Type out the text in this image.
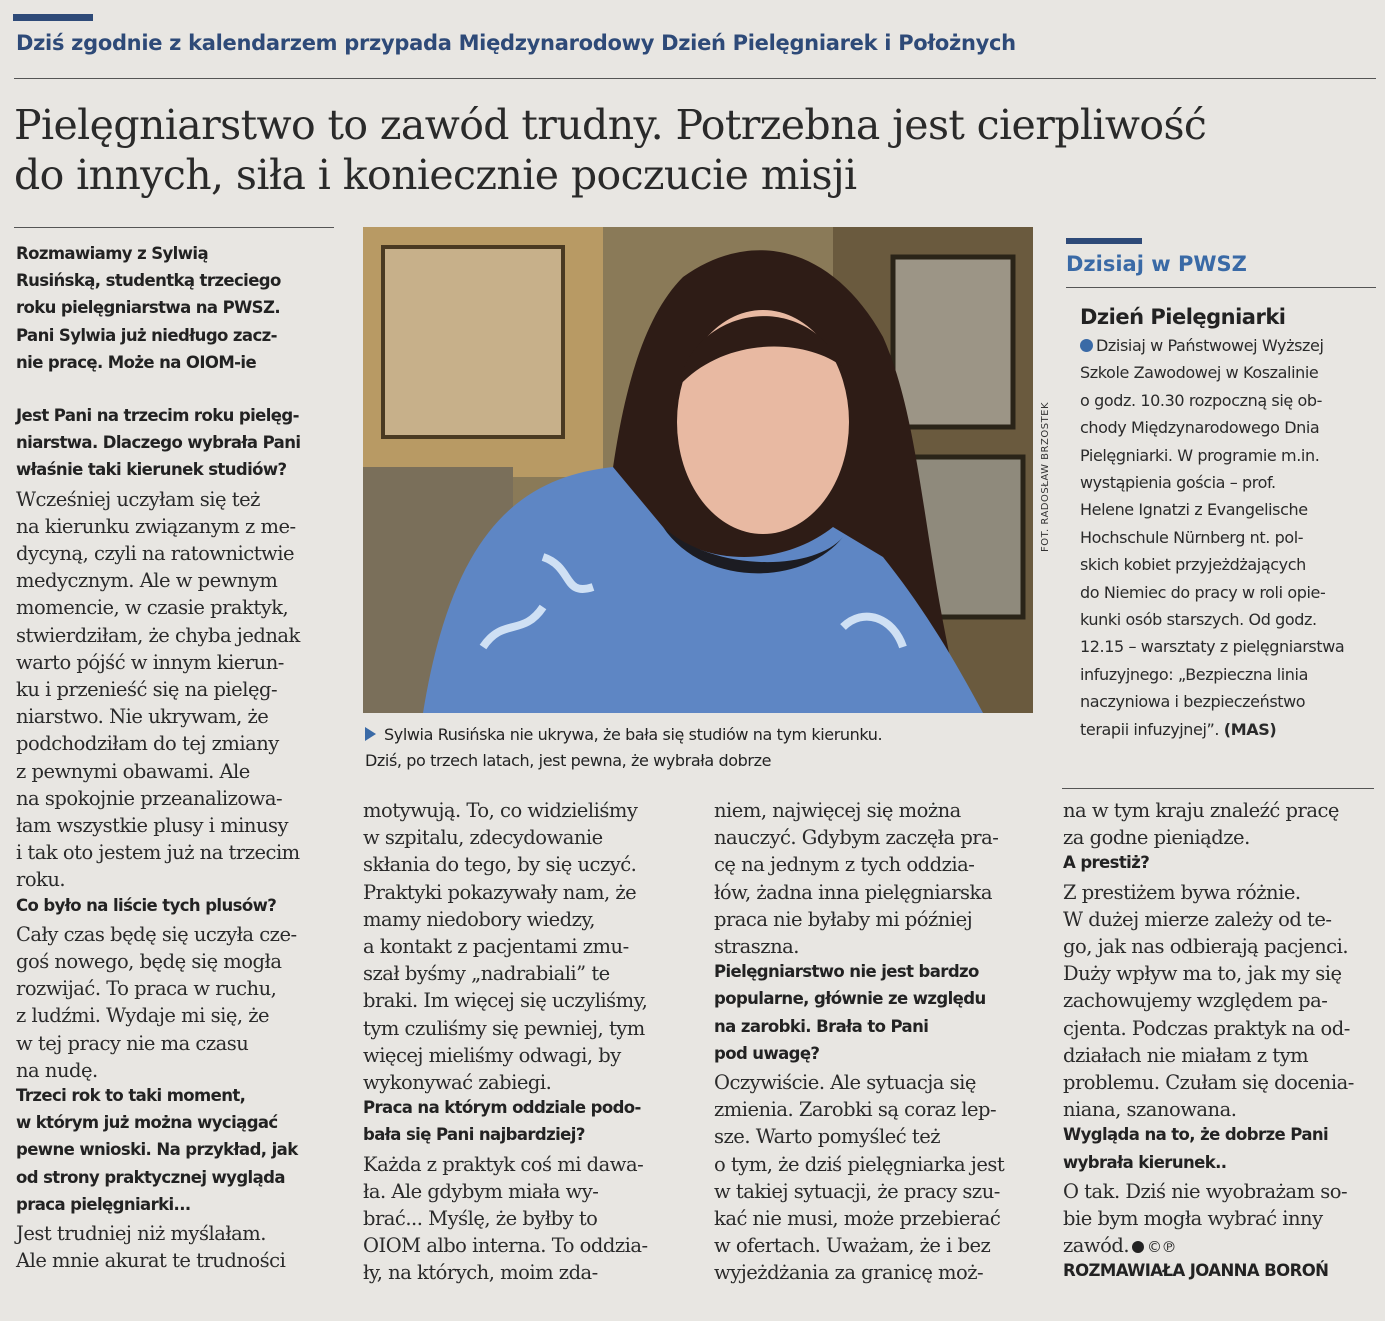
Dziś zgodnie z kalendarzem przypada Międzynarodowy Dzień Pielęgniarek i Położnych
Pielęgniarstwo to zawód trudny. Potrzebna jest cierpliwość
do innych, siła i koniecznie poczucie misji
Rozmawiamy z Sylwią
Rusińską, studentką trzeciego
roku pielęgniarstwa na PWSZ.
Pani Sylwia już niedługo zacz-
nie pracę. Może na OIOM-ie
Jest Pani na trzecim roku pielęg-
niarstwa. Dlaczego wybrała Pani
właśnie taki kierunek studiów?
Wcześniej uczyłam się też
na kierunku związanym z me-
dycyną, czyli na ratownictwie
medycznym. Ale w pewnym
momencie, w czasie praktyk,
stwierdziłam, że chyba jednak
warto pójść w innym kierun-
ku i przenieść się na pielęg-
niarstwo. Nie ukrywam, że
podchodziłam do tej zmiany
z pewnymi obawami. Ale
na spokojnie przeanalizowa-
łam wszystkie plusy i minusy
i tak oto jestem już na trzecim
roku.
Co było na liście tych plusów?
Cały czas będę się uczyła cze-
goś nowego, będę się mogła
rozwijać. To praca w ruchu,
z ludźmi. Wydaje mi się, że
w tej pracy nie ma czasu
na nudę.
Trzeci rok to taki moment,
w którym już można wyciągać
pewne wnioski. Na przykład, jak
od strony praktycznej wygląda
praca pielęgniarki...
Jest trudniej niż myślałam.
Ale mnie akurat te trudności
motywują. To, co widzieliśmy
w szpitalu, zdecydowanie
skłania do tego, by się uczyć.
Praktyki pokazywały nam, że
mamy niedobory wiedzy,
a kontakt z pacjentami zmu-
szał byśmy „nadrabiali” te
braki. Im więcej się uczyliśmy,
tym czuliśmy się pewniej, tym
więcej mieliśmy odwagi, by
wykonywać zabiegi.
Praca na którym oddziale podo-
bała się Pani najbardziej?
Każda z praktyk coś mi dawa-
ła. Ale gdybym miała wy-
brać... Myślę, że byłby to
OIOM albo interna. To oddzia-
ły, na których, moim zda-
niem, najwięcej się można
nauczyć. Gdybym zaczęła pra-
cę na jednym z tych oddzia-
łów, żadna inna pielęgniarska
praca nie byłaby mi później
straszna.
Pielęgniarstwo nie jest bardzo
popularne, głównie ze względu
na zarobki. Brała to Pani
pod uwagę?
Oczywiście. Ale sytuacja się
zmienia. Zarobki są coraz lep-
sze. Warto pomyśleć też
o tym, że dziś pielęgniarka jest
w takiej sytuacji, że pracy szu-
kać nie musi, może przebierać
w ofertach. Uważam, że i bez
wyjeżdżania za granicę moż-
na w tym kraju znaleźć pracę
za godne pieniądze.
A prestiż?
Z prestiżem bywa różnie.
W dużej mierze zależy od te-
go, jak nas odbierają pacjenci.
Duży wpływ ma to, jak my się
zachowujemy względem pa-
cjenta. Podczas praktyk na od-
działach nie miałam z tym
problemu. Czułam się docenia-
niana, szanowana.
Wygląda na to, że dobrze Pani
wybrała kierunek..
O tak. Dziś nie wyobrażam so-
bie bym mogła wybrać inny
zawód. ©℗
ROZMAWIAŁA JOANNA BOROŃ
FOT. RADOSŁAW BRZOSTEK
Sylwia Rusińska nie ukrywa, że bała się studiów na tym kierunku.
Dziś, po trzech latach, jest pewna, że wybrała dobrze
Dzisiaj w PWSZ
Dzień Pielęgniarki
Dzisiaj w Państwowej Wyższej
Szkole Zawodowej w Koszalinie
o godz. 10.30 rozpoczną się ob-
chody Międzynarodowego Dnia
Pielęgniarki. W programie m.in.
wystąpienia gościa – prof.
Helene Ignatzi z Evangelische
Hochschule Nürnberg nt. pol-
skich kobiet przyjeżdżających
do Niemiec do pracy w roli opie-
kunki osób starszych. Od godz.
12.15 – warsztaty z pielęgniarstwa
infuzyjnego: „Bezpieczna linia
naczyniowa i bezpieczeństwo
terapii infuzyjnej”. (MAS)
